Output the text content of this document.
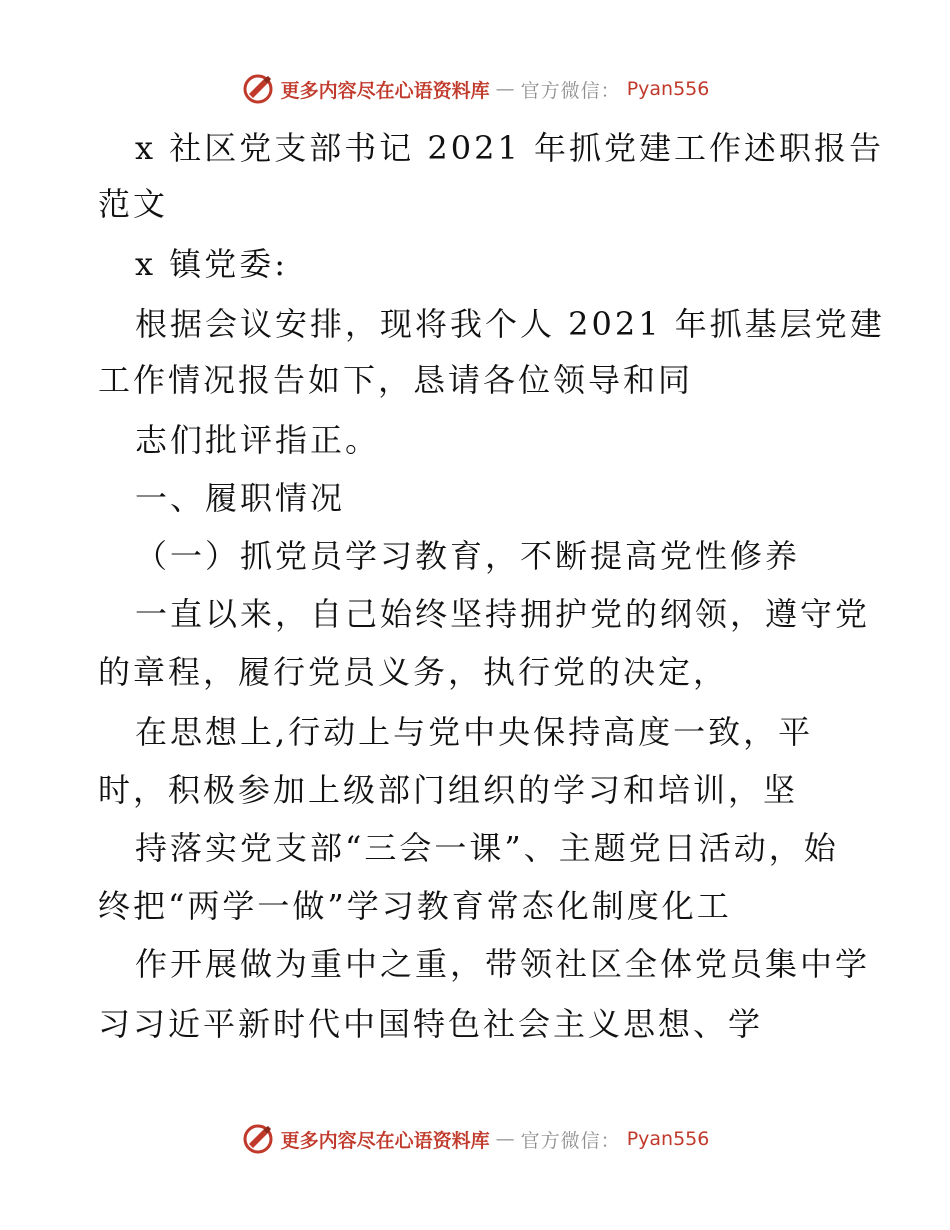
更多内容尽在心语资料库 — 官方微信： Pyan556
x 社区党支部书记 2021 年抓党建工作述职报告
范文
x 镇党委:
根据会议安排，现将我个人 2021 年抓基层党建
工作情况报告如下，恳请各位领导和同
志们批评指正。
一、履职情况
（一）抓党员学习教育，不断提高党性修养
一直以来，自己始终坚持拥护党的纲领，遵守党
的章程，履行党员义务，执行党的决定，
在思想上,行动上与党中央保持高度一致，平
时，积极参加上级部门组织的学习和培训，坚
持落实党支部“三会一课”、主题党日活动，始
终把“两学一做”学习教育常态化制度化工
作开展做为重中之重，带领社区全体党员集中学
习习近平新时代中国特色社会主义思想、学
更多内容尽在心语资料库 — 官方微信： Pyan556
